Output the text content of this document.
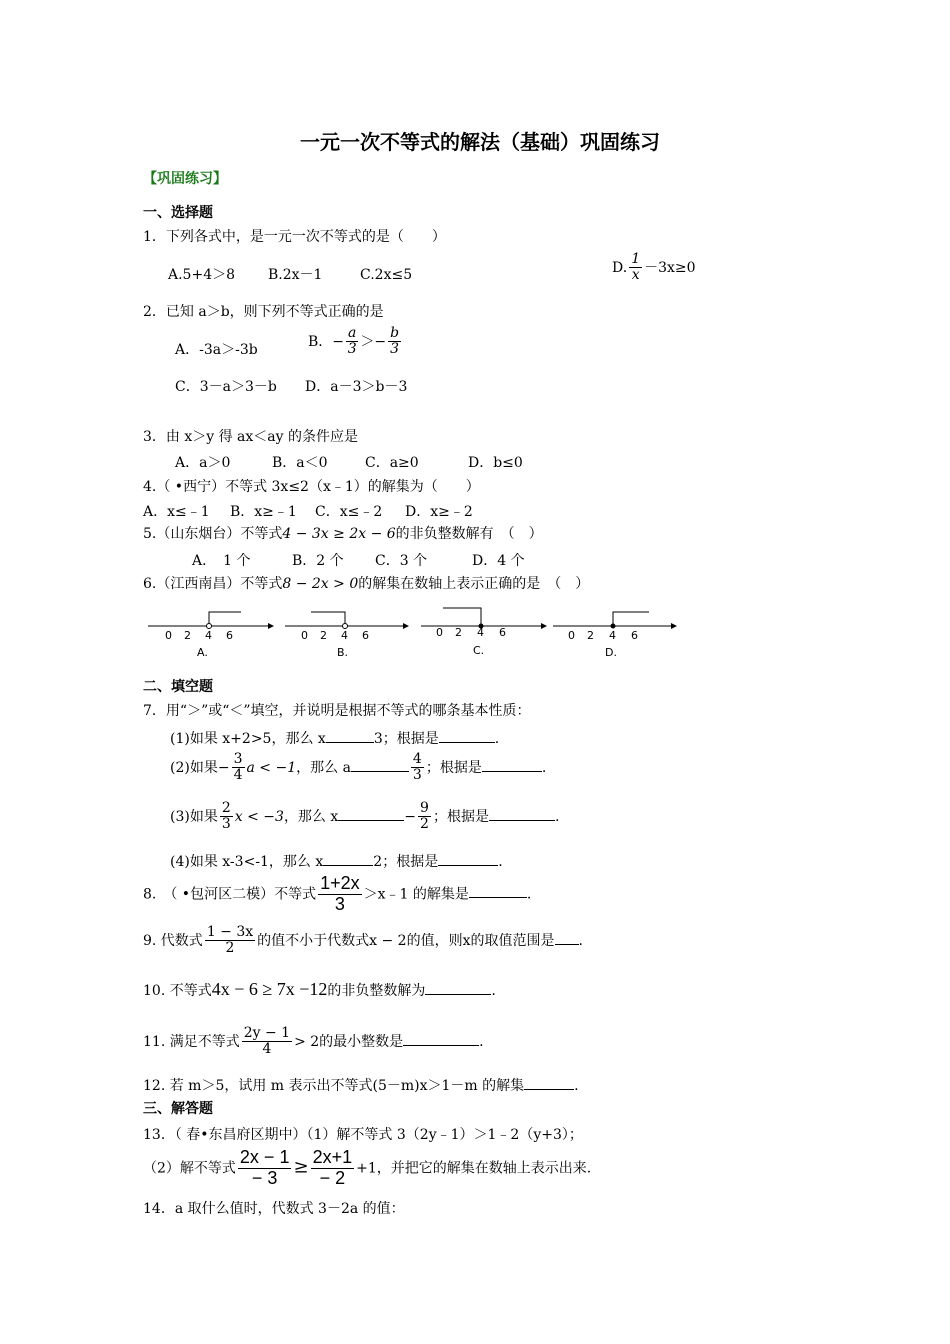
一元一次不等式的解法（基础）巩固练习
【巩固练习】
一、选择题
1．下列各式中，是一元一次不等式的是（　　）
A.5+4＞8 B.2x－1	C.2x≤5	D. $\frac{1}{x} -3x\ge 0$
2．已知 a＞b，则下列不等式正确的是
A．-3a＞-3b
B．− $\frac{a}{3} >- \frac{b}{3}$
C．3－a＞3－b D．a－3＞b－3
3．由 x＞y 得 ax＜ay 的条件应是
A．a＞0	B．a＜0	C．a≥0	D．b≤0
4.（ •西宁）不等式 3x≤2（x﹣1）的解集为（　　）
A．x≤﹣1 B．x≥﹣1 C．x≤﹣2 D．x≥﹣2
5.（山东烟台）不等式4 − 3x ≥ 2x − 6的非负整数解有　（　）
A．　1 个	B．2 个 C．3 个	D．4 个
6.（江西南昌）不等式8 − 2x > 0的解集在数轴上表示正确的是　（　）
0 2 4 6
A.
0 2 4 6
B.
0 2 4 6
C.
0 2 4 6
D.
二、填空题
7．用“＞”或“＜”填空，并说明是根据不等式的哪条基本性质：
(1)如果 x+2>5，那么 x	3；根据是	.
(2)如果− $\frac{3}{4}$ a < −1，那么 a	$\frac{4}{3}$ ；根据是	.
(3)如果 $\frac{2}{3}$ x < −3，那么 x	− $\frac{9}{2}$ ；根据是	.
(4)如果 x-3<-1，那么 x	2；根据是	.
8.　（ •包河区二模）不等式 $\frac{1+2x}{3}$ ＞x﹣1 的解集是	.
9. 代数式 $\frac{1 - 3x}{2}$ 的值不小于代数式x − 2的值，则x的取值范围是 .
10. 不等式4x − 6 ≥ 7x −12的非负整数解为	.
11. 满足不等式 $\frac{2y - 1}{4} > 2$的最小整数是	.
12. 若 m＞5，试用 m 表示出不等式(5－m)x＞1－m 的解集	.
三、解答题
13．（ 春•东昌府区期中）（1）解不等式 3（2y﹣1）＞1﹣2（y+3）；
（2）解不等式 $\frac{2x - 1}{- 3} \ge \frac{2x+1}{- 2} +1$，并把它的解集在数轴上表示出来.
14．a 取什么值时，代数式 3－2a 的值：
